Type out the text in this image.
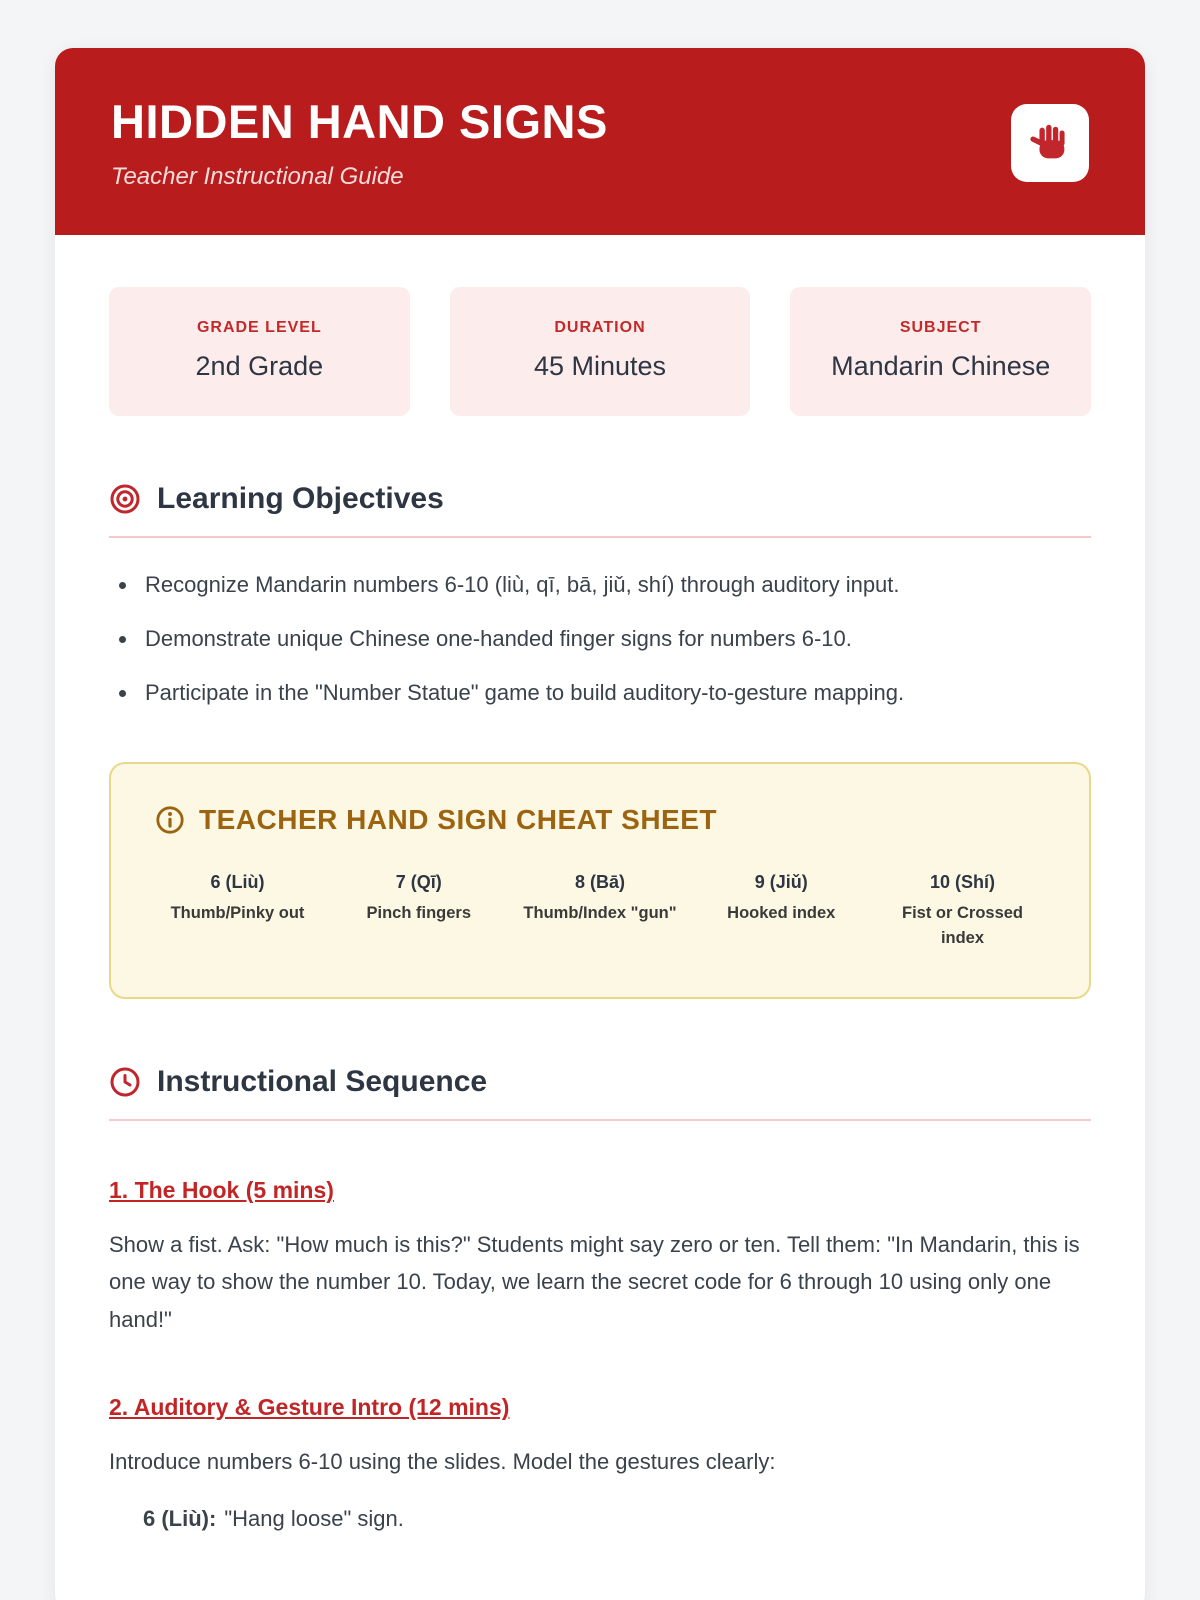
HIDDEN HAND SIGNS
Teacher Instructional Guide
GRADE LEVEL
2nd Grade
DURATION
45 Minutes
SUBJECT
Mandarin Chinese
Learning Objectives
• Recognize Mandarin numbers 6-10 (liù, qī, bā, jiǔ, shí) through auditory input.
• Demonstrate unique Chinese one-handed finger signs for numbers 6-10.
• Participate in the "Number Statue" game to build auditory-to-gesture mapping.
TEACHER HAND SIGN CHEAT SHEET
6 (Liù)
Thumb/Pinky out
7 (Qī)
Pinch fingers
8 (Bā)
Thumb/Index "gun"
9 (Jiǔ)
Hooked index
10 (Shí)
Fist or Crossed index
Instructional Sequence
1. The Hook (5 mins)

Show a fist. Ask: "How much is this?" Students might say zero or ten. Tell them: "In Mandarin, this is one way to show the number 10. Today, we learn the secret code for 6 through 10 using only one hand!"

2. Auditory & Gesture Intro (12 mins)

Introduce numbers 6-10 using the slides. Model the gestures clearly:

6 (Liù): "Hang loose" sign.
